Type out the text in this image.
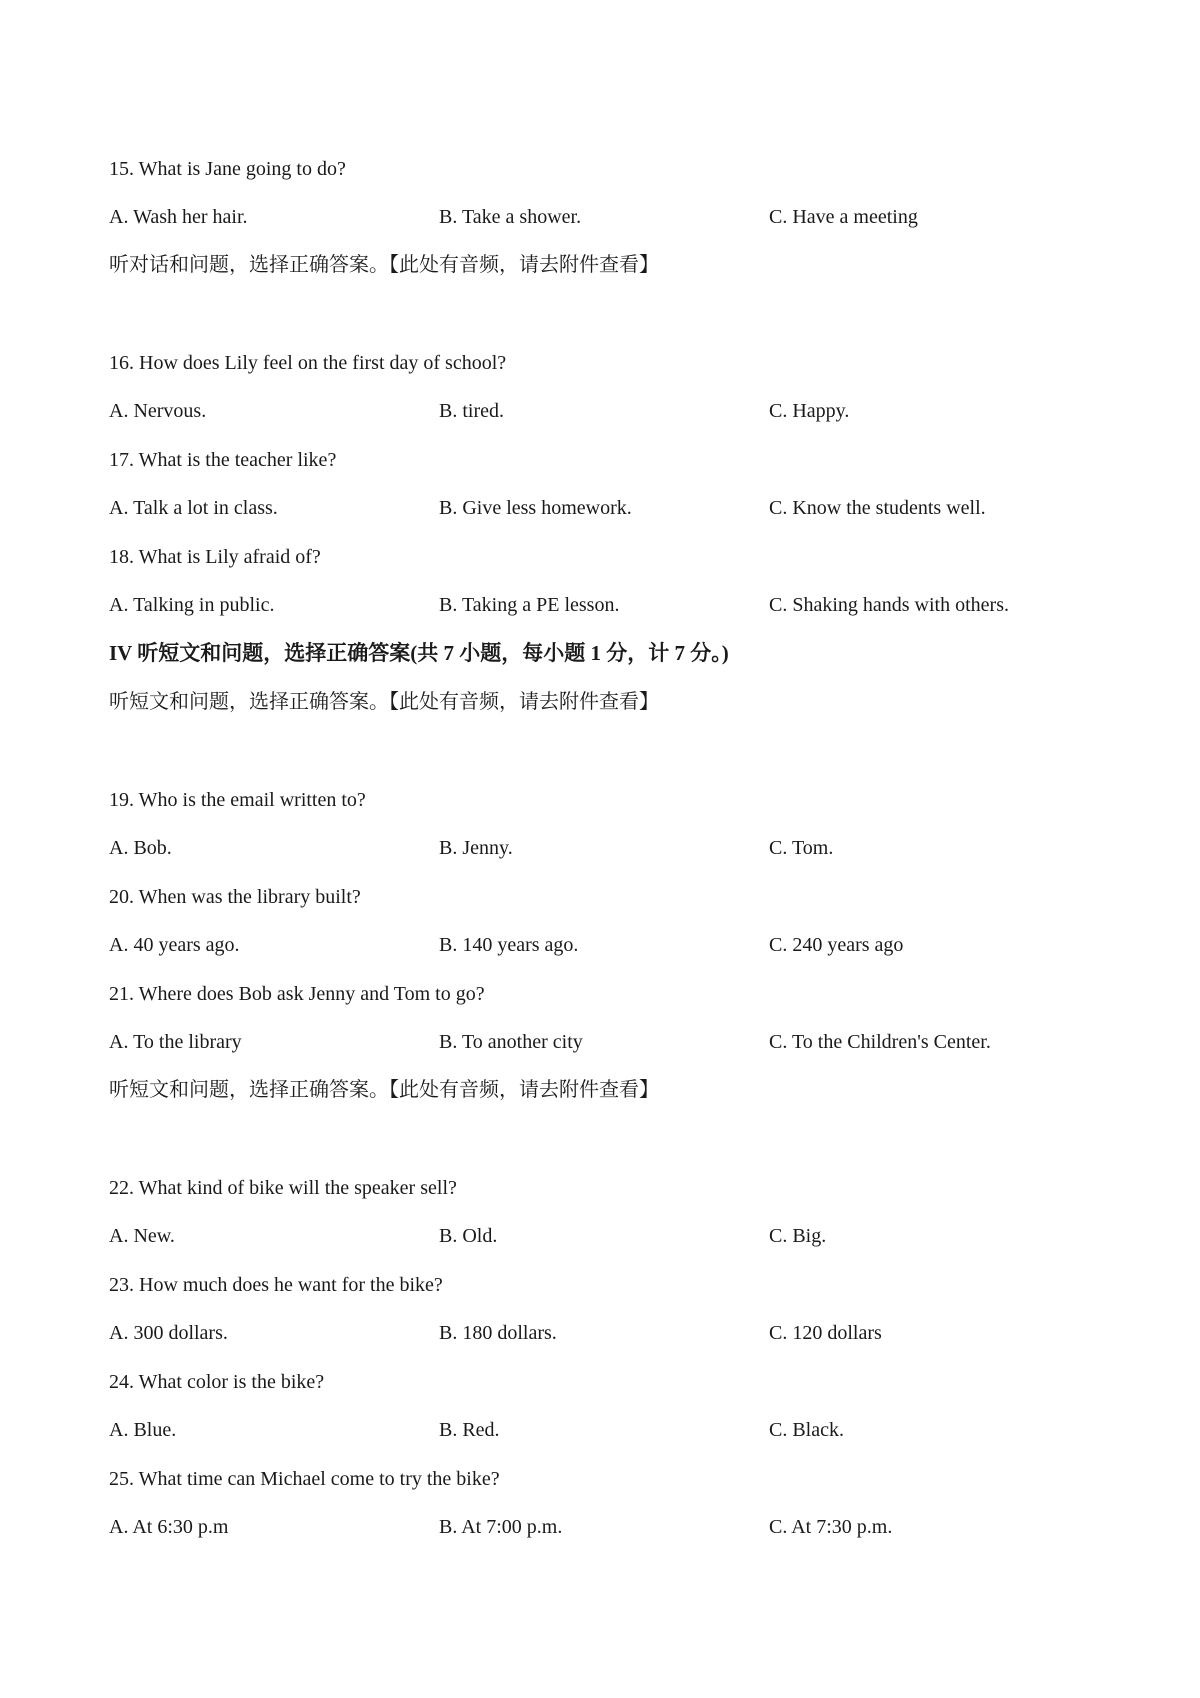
15. What is Jane going to do?
A. Wash her hair.	B. Take a shower.	C. Have a meeting
听对话和问题，选择正确答案。【此处有音频，请去附件查看】
16. How does Lily feel on the first day of school?
A. Nervous.	B. tired.	C. Happy.
17. What is the teacher like?
A. Talk a lot in class.	B. Give less homework.	C. Know the students well.
18. What is Lily afraid of?
A. Talking in public.	B. Taking a PE lesson.	C. Shaking hands with others.
IV 听短文和问题，选择正确答案(共 7 小题，每小题 1 分，计 7 分。)
听短文和问题，选择正确答案。【此处有音频，请去附件查看】
19. Who is the email written to?
A. Bob.	B. Jenny.	C. Tom.
20. When was the library built?
A. 40 years ago.	B. 140 years ago.	C. 240 years ago
21. Where does Bob ask Jenny and Tom to go?
A. To the library	B. To another city	C. To the Children's Center.
听短文和问题，选择正确答案。【此处有音频，请去附件查看】
22. What kind of bike will the speaker sell?
A. New.	B. Old.	C. Big.
23. How much does he want for the bike?
A. 300 dollars.	B. 180 dollars.	C. 120 dollars
24. What color is the bike?
A. Blue.	B. Red.	C. Black.
25. What time can Michael come to try the bike?
A. At 6:30 p.m	B. At 7:00 p.m.	C. At 7:30 p.m.
